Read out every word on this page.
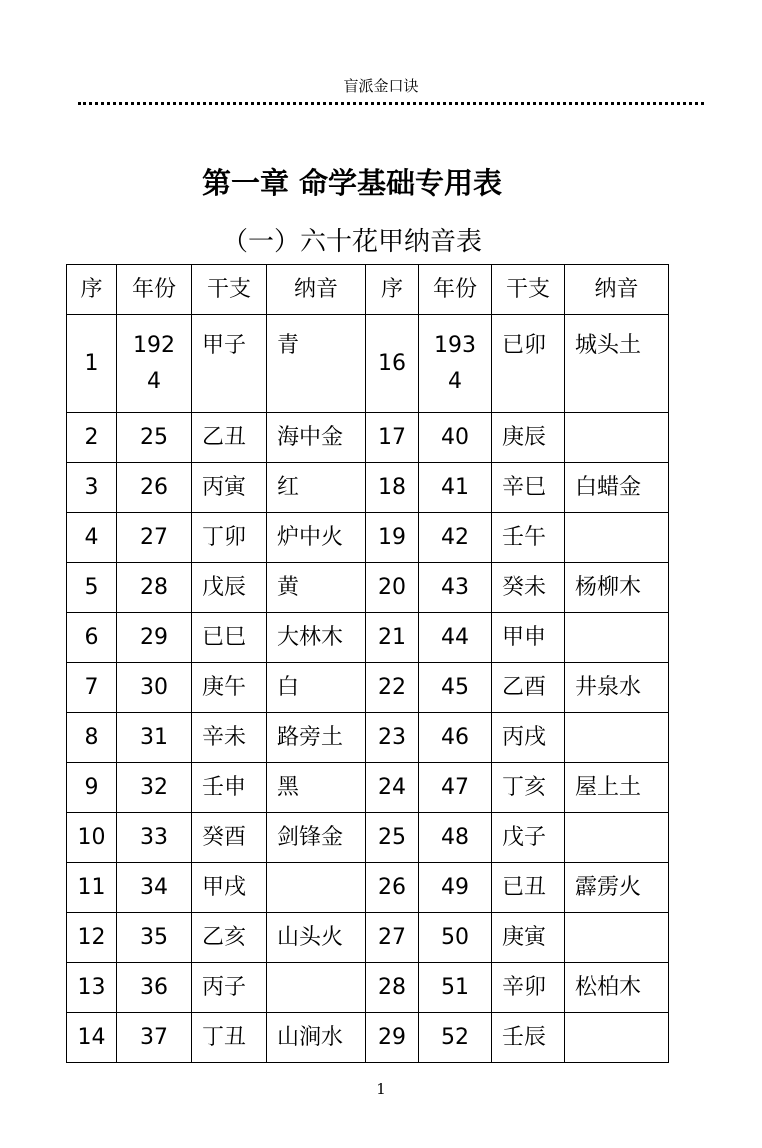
盲派金口诀
第一章 命学基础专用表
（一）六十花甲纳音表
序	年份	干支	纳音	序	年份	干支	纳音
1	1924	甲子	青	16	1934	已卯	城头土
2	25	乙丑	海中金	17	40	庚辰	
3	26	丙寅	红	18	41	辛巳	白蜡金
4	27	丁卯	炉中火	19	42	壬午	
5	28	戊辰	黄	20	43	癸未	杨柳木
6	29	已巳	大林木	21	44	甲申	
7	30	庚午	白	22	45	乙酉	井泉水
8	31	辛未	路旁土	23	46	丙戌	
9	32	壬申	黑	24	47	丁亥	屋上土
10	33	癸酉	剑锋金	25	48	戊子	
11	34	甲戌		26	49	已丑	霹雳火
12	35	乙亥	山头火	27	50	庚寅	
13	36	丙子		28	51	辛卯	松柏木
14	37	丁丑	山涧水	29	52	壬辰	
1
